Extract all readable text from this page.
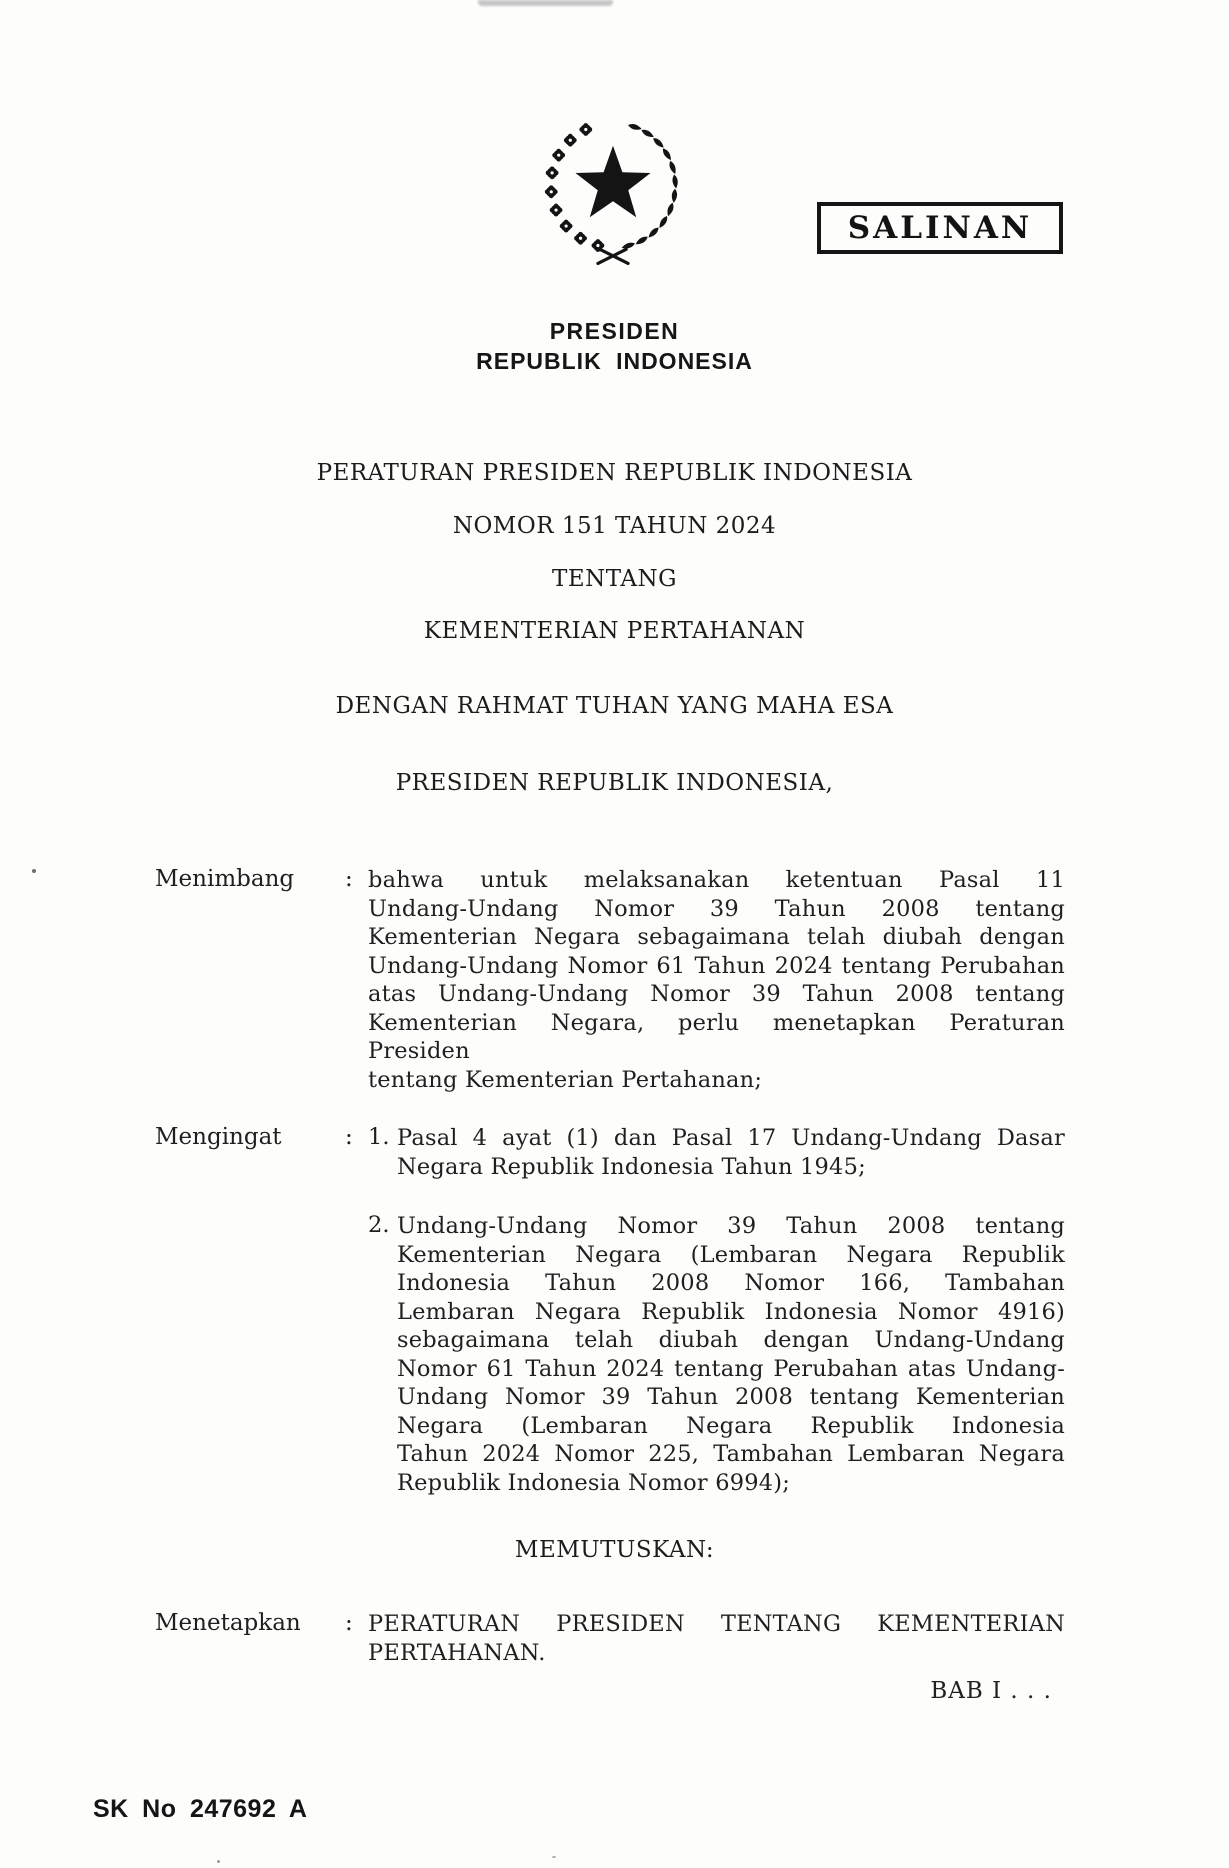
SALINAN
PRESIDEN
REPUBLIK INDONESIA
PERATURAN PRESIDEN REPUBLIK INDONESIA
NOMOR 151 TAHUN 2024
TENTANG
KEMENTERIAN PERTAHANAN
DENGAN RAHMAT TUHAN YANG MAHA ESA
PRESIDEN REPUBLIK INDONESIA,
Menimbang : bahwa untuk melaksanakan ketentuan Pasal 11
Undang-Undang Nomor 39 Tahun 2008 tentang
Kementerian Negara sebagaimana telah diubah dengan
Undang-Undang Nomor 61 Tahun 2024 tentang Perubahan
atas Undang-Undang Nomor 39 Tahun 2008 tentang
Kementerian Negara, perlu menetapkan Peraturan Presiden
tentang Kementerian Pertahanan;
Mengingat	: 1. Pasal 4 ayat (1) dan Pasal 17 Undang-Undang Dasar
Negara Republik Indonesia Tahun 1945;
2. Undang-Undang Nomor 39 Tahun 2008 tentang
Kementerian Negara (Lembaran Negara Republik
Indonesia Tahun 2008 Nomor 166, Tambahan
Lembaran Negara Republik Indonesia Nomor 4916)
sebagaimana telah diubah dengan Undang-Undang
Nomor 61 Tahun 2024 tentang Perubahan atas Undang-
Undang Nomor 39 Tahun 2008 tentang Kementerian
Negara (Lembaran Negara Republik Indonesia
Tahun 2024 Nomor 225, Tambahan Lembaran Negara
Republik Indonesia Nomor 6994);
MEMUTUSKAN:
Menetapkan : PERATURAN PRESIDEN TENTANG KEMENTERIAN
PERTAHANAN.
BAB I . . .
SK No 247692 A
